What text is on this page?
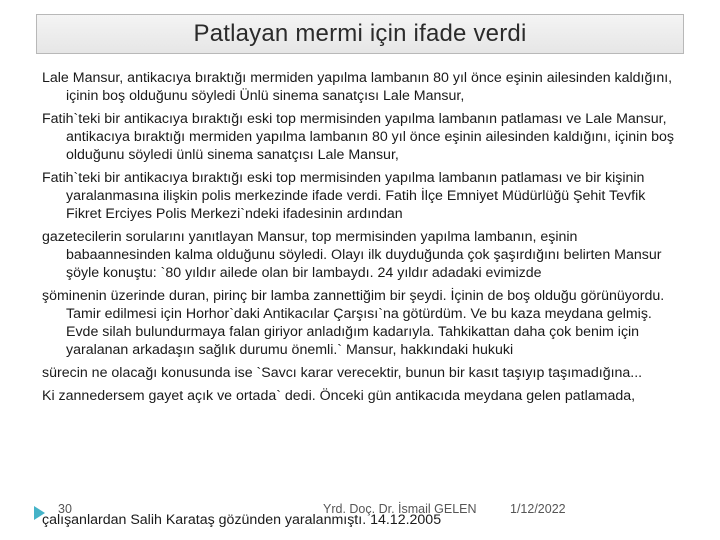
Patlayan mermi için ifade verdi

Lale Mansur, antikacıya bıraktığı mermiden yapılma lambanın 80 yıl önce eşinin ailesinden kaldığını, içinin boş olduğunu söyledi Ünlü sinema sanatçısı Lale Mansur,

Fatih`teki bir antikacıya bıraktığı eski top mermisinden yapılma lambanın patlaması ve Lale Mansur, antikacıya bıraktığı mermiden yapılma lambanın 80 yıl önce eşinin ailesinden kaldığını, içinin boş olduğunu söyledi ünlü sinema sanatçısı Lale Mansur,

Fatih`teki bir antikacıya bıraktığı eski top mermisinden yapılma lambanın patlaması ve bir kişinin yaralanmasına ilişkin polis merkezinde ifade verdi. Fatih İlçe Emniyet Müdürlüğü Şehit Tevfik Fikret Erciyes Polis Merkezi`ndeki ifadesinin ardından

gazetecilerin sorularını yanıtlayan Mansur, top mermisinden yapılma lambanın, eşinin babaannesinden kalma olduğunu söyledi. Olayı ilk duyduğunda çok şaşırdığını belirten Mansur şöyle konuştu: `80 yıldır ailede olan bir lambaydı. 24 yıldır adadaki evimizde

şöminenin üzerinde duran, pirinç bir lamba zannettiğim bir şeydi. İçinin de boş olduğu görünüyordu. Tamir edilmesi için Horhor`daki Antikacılar Çarşısı`na götürdüm. Ve bu kaza meydana gelmiş. Evde silah bulundurmaya falan giriyor anladığım kadarıyla. Tahkikattan daha çok benim için yaralanan arkadaşın sağlık durumu önemli.` Mansur, hakkındaki hukuki

sürecin ne olacağı konusunda ise `Savcı karar verecektir, bunun bir kasıt taşıyıp taşımadığına...

Ki zannedersem gayet açık ve ortada` dedi. Önceki gün antikacıda meydana gelen patlamada,

30	Yrd. Doç. Dr. İsmail GELEN	1/12/2022
çalışanlardan Salih Karataş gözünden yaralanmıştı. 14.12.2005
